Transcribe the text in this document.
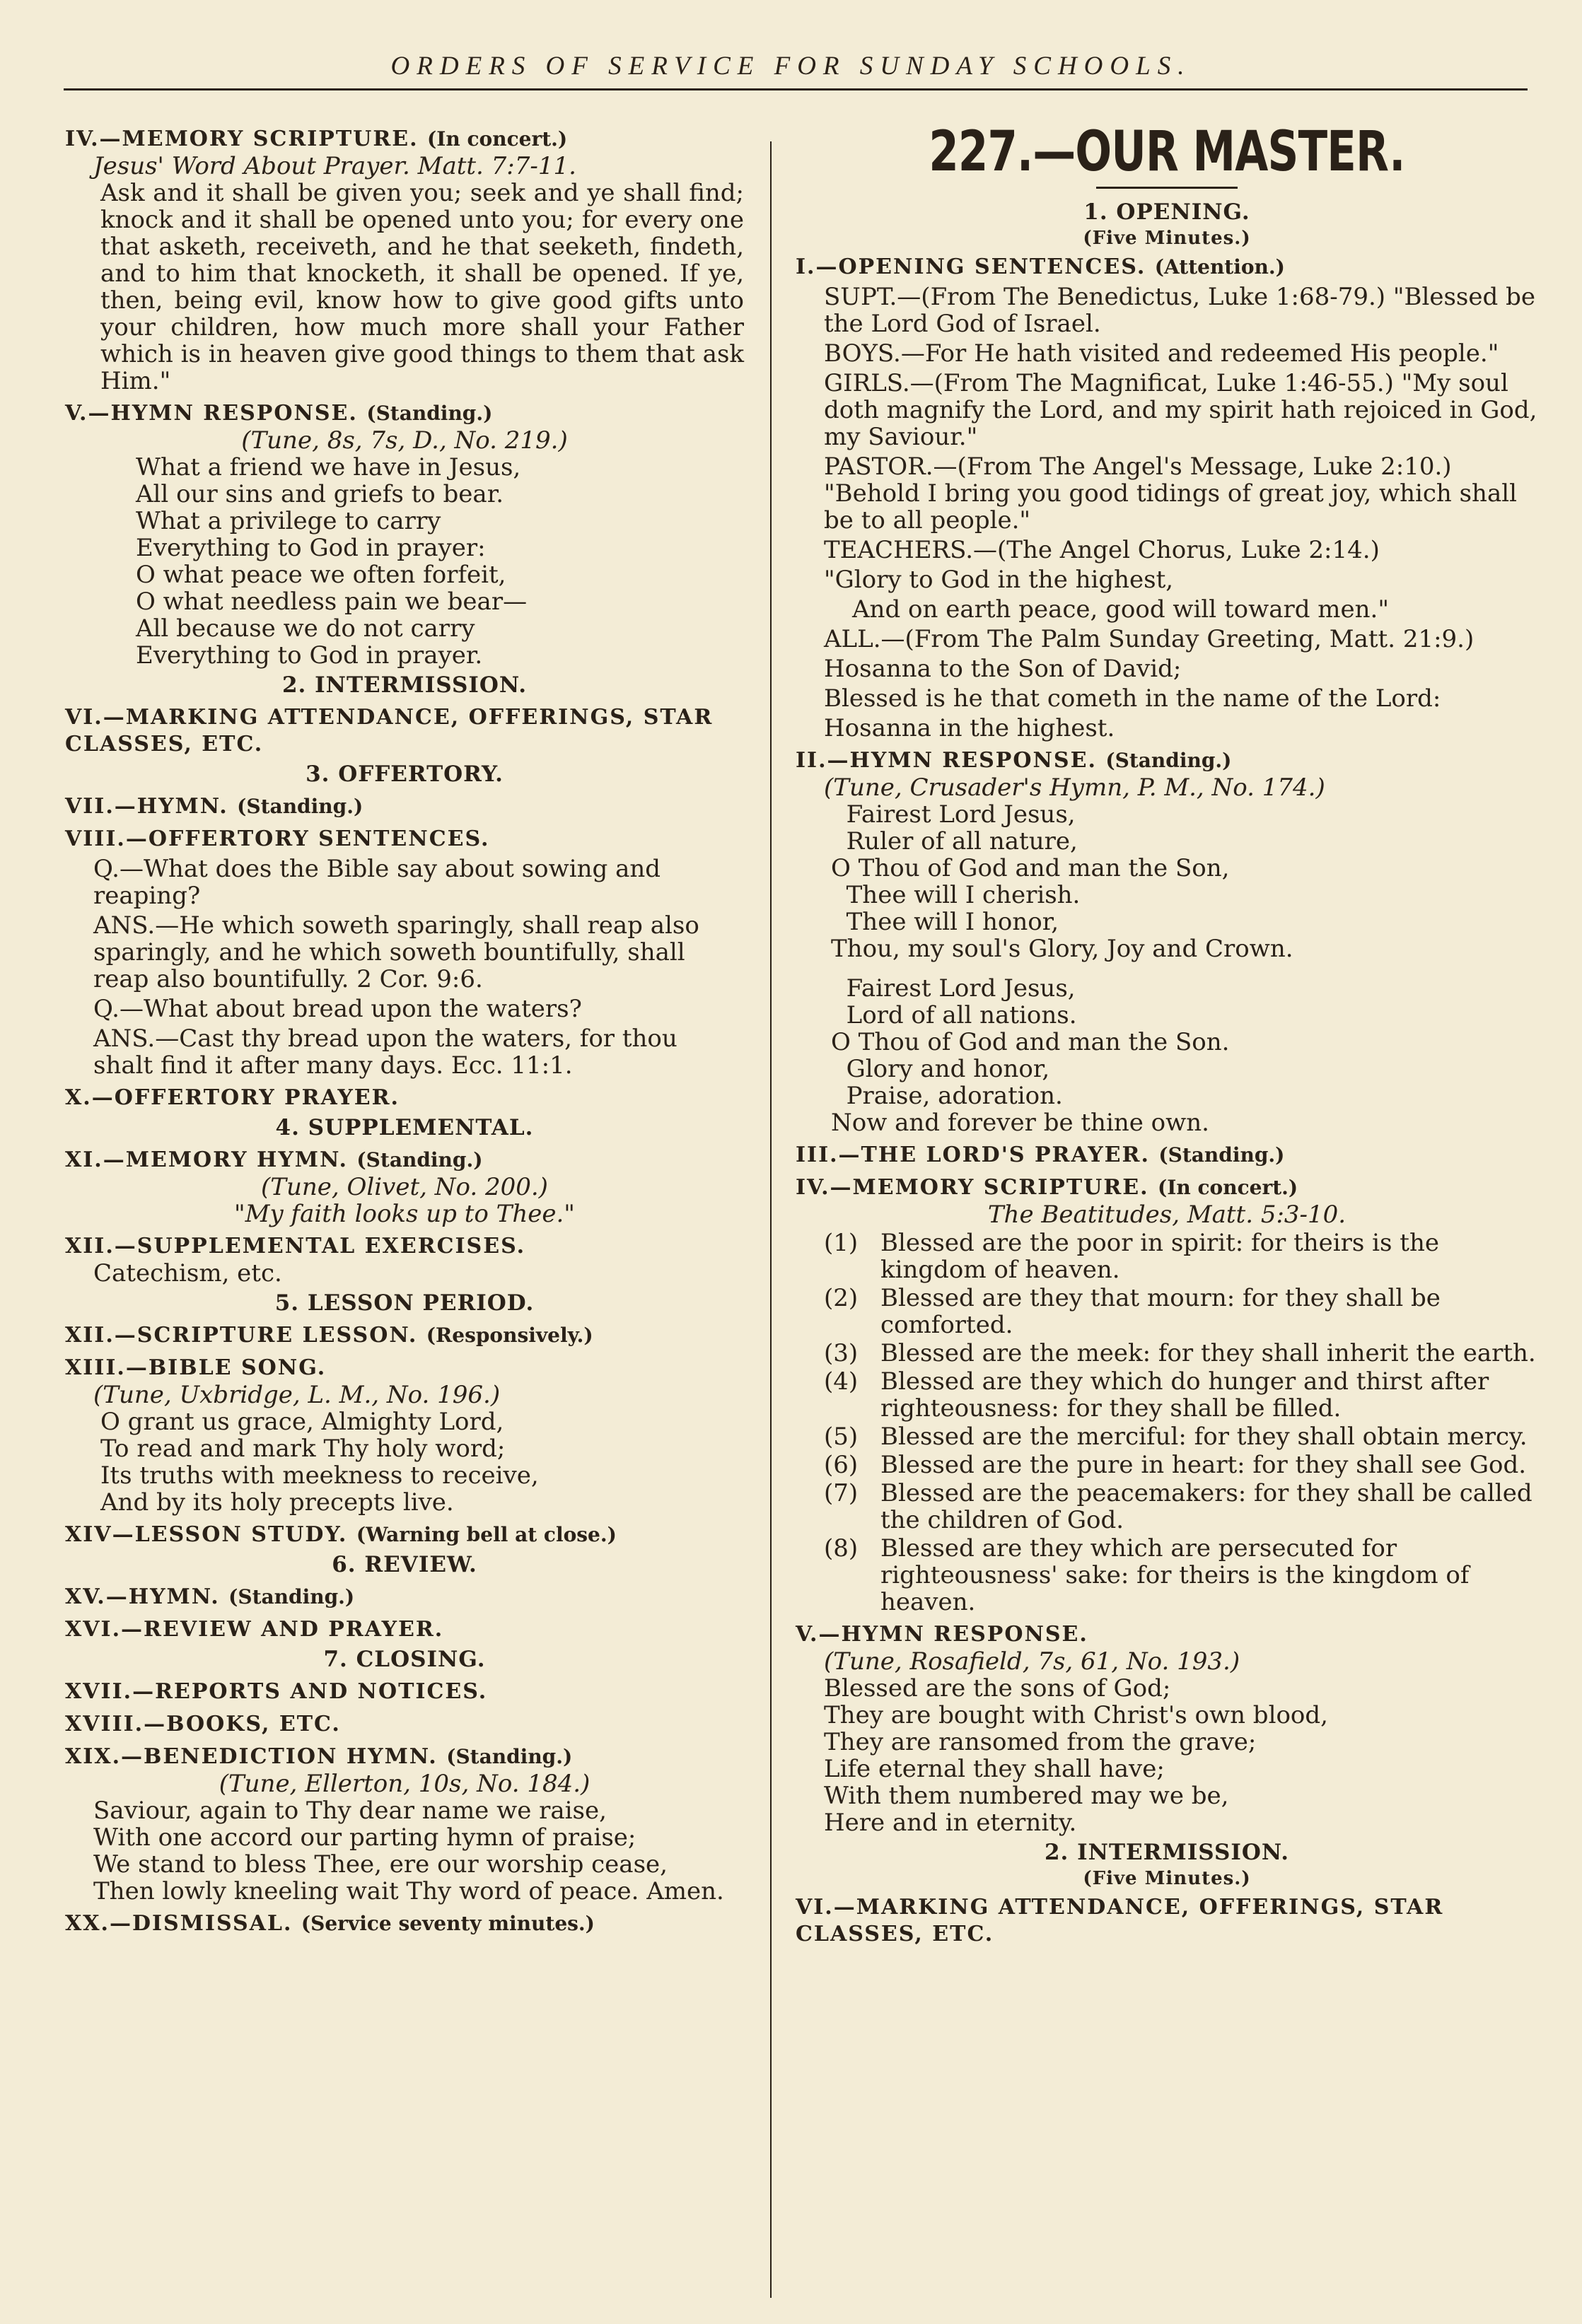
ORDERS OF SERVICE FOR SUNDAY SCHOOLS.
IV.—MEMORY SCRIPTURE. (In concert.)
Jesus' Word About Prayer. Matt. 7:7-11.
Ask and it shall be given you; seek and ye shall find; knock and it shall be opened unto you; for every one that asketh, receiveth, and he that seeketh, findeth, and to him that knocketh, it shall be opened. If ye, then, being evil, know how to give good gifts unto your children, how much more shall your Father which is in heaven give good things to them that ask Him."
V.—HYMN RESPONSE. (Standing.)
(Tune, 8s, 7s, D., No. 219.)
What a friend we have in Jesus,
All our sins and griefs to bear.
What a privilege to carry
Everything to God in prayer:
O what peace we often forfeit,
O what needless pain we bear—
All because we do not carry
Everything to God in prayer.
2. INTERMISSION.
VI.—MARKING ATTENDANCE, OFFERINGS, STAR CLASSES, ETC.
3. OFFERTORY.
VII.—HYMN. (Standing.)
VIII.—OFFERTORY SENTENCES.
Q.—What does the Bible say about sowing and reaping?
ANS.—He which soweth sparingly, shall reap also sparingly, and he which soweth bountifully, shall reap also bountifully. 2 Cor. 9:6.
Q.—What about bread upon the waters?
ANS.—Cast thy bread upon the waters, for thou shalt find it after many days. Ecc. 11:1.
X.—OFFERTORY PRAYER.
4. SUPPLEMENTAL.
XI.—MEMORY HYMN. (Standing.)
(Tune, Olivet, No. 200.)
"My faith looks up to Thee."
XII.—SUPPLEMENTAL EXERCISES.
Catechism, etc.
5. LESSON PERIOD.
XII.—SCRIPTURE LESSON. (Responsively.)
XIII.—BIBLE SONG.
(Tune, Uxbridge, L. M., No. 196.)
O grant us grace, Almighty Lord,
To read and mark Thy holy word;
Its truths with meekness to receive,
And by its holy precepts live.
XIV—LESSON STUDY. (Warning bell at close.)
6. REVIEW.
XV.—HYMN. (Standing.)
XVI.—REVIEW AND PRAYER.
7. CLOSING.
XVII.—REPORTS AND NOTICES.
XVIII.—BOOKS, ETC.
XIX.—BENEDICTION HYMN. (Standing.)
(Tune, Ellerton, 10s, No. 184.)
Saviour, again to Thy dear name we raise,
With one accord our parting hymn of praise;
We stand to bless Thee, ere our worship cease,
Then lowly kneeling wait Thy word of peace. Amen.
XX.—DISMISSAL. (Service seventy minutes.)
227.—OUR MASTER.
1. OPENING.
(Five Minutes.)
I.—OPENING SENTENCES. (Attention.)
SUPT.—(From The Benedictus, Luke 1:68-79.) "Blessed be the Lord God of Israel.
BOYS.—For He hath visited and redeemed His people."
GIRLS.—(From The Magnificat, Luke 1:46-55.) "My soul doth magnify the Lord, and my spirit hath rejoiced in God, my Saviour."
PASTOR.—(From The Angel's Message, Luke 2:10.) "Behold I bring you good tidings of great joy, which shall be to all people."
TEACHERS.—(The Angel Chorus, Luke 2:14.)
"Glory to God in the highest,
And on earth peace, good will toward men."
ALL.—(From The Palm Sunday Greeting, Matt. 21:9.)
Hosanna to the Son of David;
Blessed is he that cometh in the name of the Lord:
Hosanna in the highest.
II.—HYMN RESPONSE. (Standing.)
(Tune, Crusader's Hymn, P. M., No. 174.)
Fairest Lord Jesus,
Ruler of all nature,
O Thou of God and man the Son,
Thee will I cherish.
Thee will I honor,
Thou, my soul's Glory, Joy and Crown.
Fairest Lord Jesus,
Lord of all nations.
O Thou of God and man the Son.
Glory and honor,
Praise, adoration.
Now and forever be thine own.
III.—THE LORD'S PRAYER. (Standing.)
IV.—MEMORY SCRIPTURE. (In concert.)
The Beatitudes, Matt. 5:3-10.
(1) Blessed are the poor in spirit: for theirs is the kingdom of heaven.
(2) Blessed are they that mourn: for they shall be comforted.
(3) Blessed are the meek: for they shall inherit the earth.
(4) Blessed are they which do hunger and thirst after righteousness: for they shall be filled.
(5) Blessed are the merciful: for they shall obtain mercy.
(6) Blessed are the pure in heart: for they shall see God.
(7) Blessed are the peacemakers: for they shall be called the children of God.
(8) Blessed are they which are persecuted for righteousness' sake: for theirs is the kingdom of heaven.
V.—HYMN RESPONSE.
(Tune, Rosafield, 7s, 61, No. 193.)
Blessed are the sons of God;
They are bought with Christ's own blood,
They are ransomed from the grave;
Life eternal they shall have;
With them numbered may we be,
Here and in eternity.
2. INTERMISSION.
(Five Minutes.)
VI.—MARKING ATTENDANCE, OFFERINGS, STAR CLASSES, ETC.
